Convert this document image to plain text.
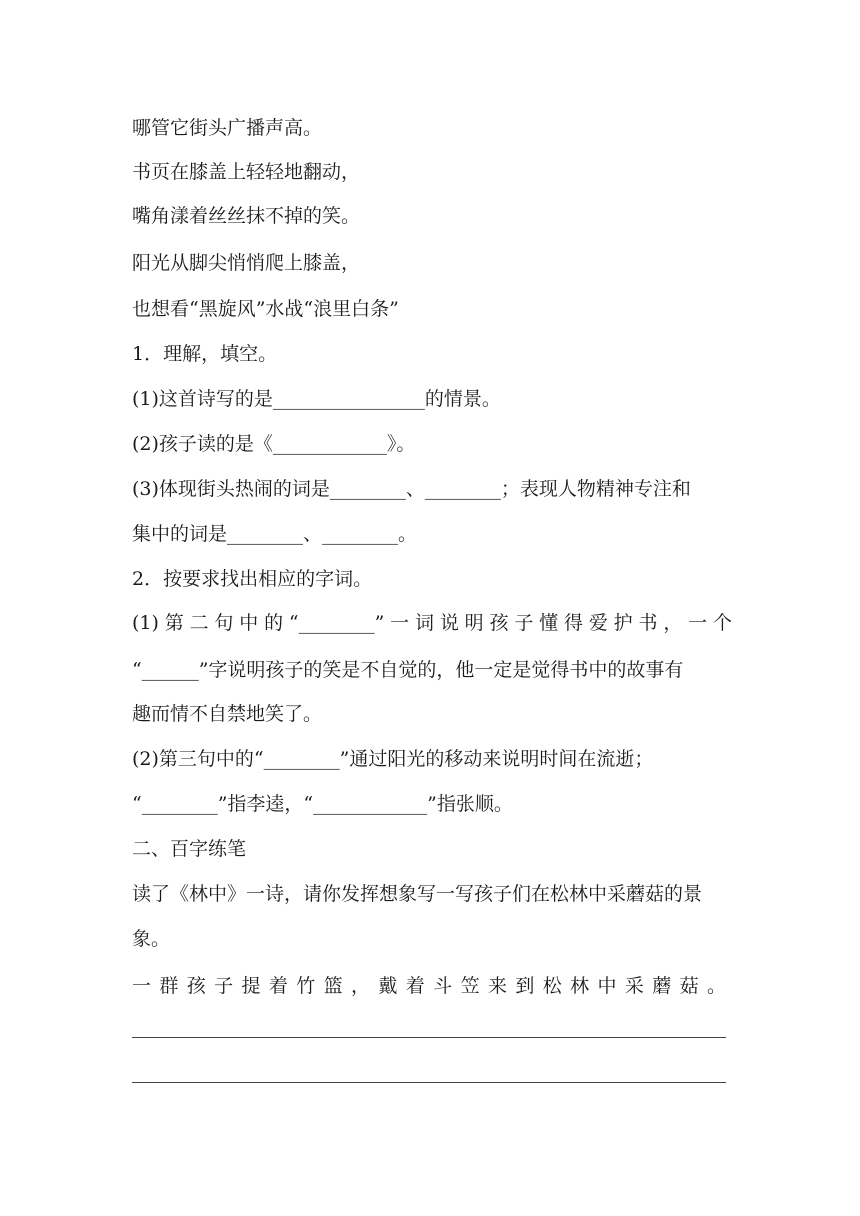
哪管它街头广播声高。
书页在膝盖上轻轻地翻动，
嘴角漾着丝丝抹不掉的笑。
阳光从脚尖悄悄爬上膝盖，
也想看“黑旋风”水战“浪里白条”
1．理解，填空。
(1)这首诗写的是________________的情景。
(2)孩子读的是《____________》。
(3)体现街头热闹的词是________、________；表现人物精神专注和
集中的词是________、________。
2．按要求找出相应的字词。
(1)第二句中的“________”一词说明孩子懂得爱护书，一个
“______”字说明孩子的笑是不自觉的，他一定是觉得书中的故事有
趣而情不自禁地笑了。
(2)第三句中的“________”通过阳光的移动来说明时间在流逝；
“________”指李逵，“____________”指张顺。
二、百字练笔
读了《林中》一诗，请你发挥想象写一写孩子们在松林中采蘑菇的景
象。
一群孩子提着竹篮，戴着斗笠来到松林中采蘑菇。
